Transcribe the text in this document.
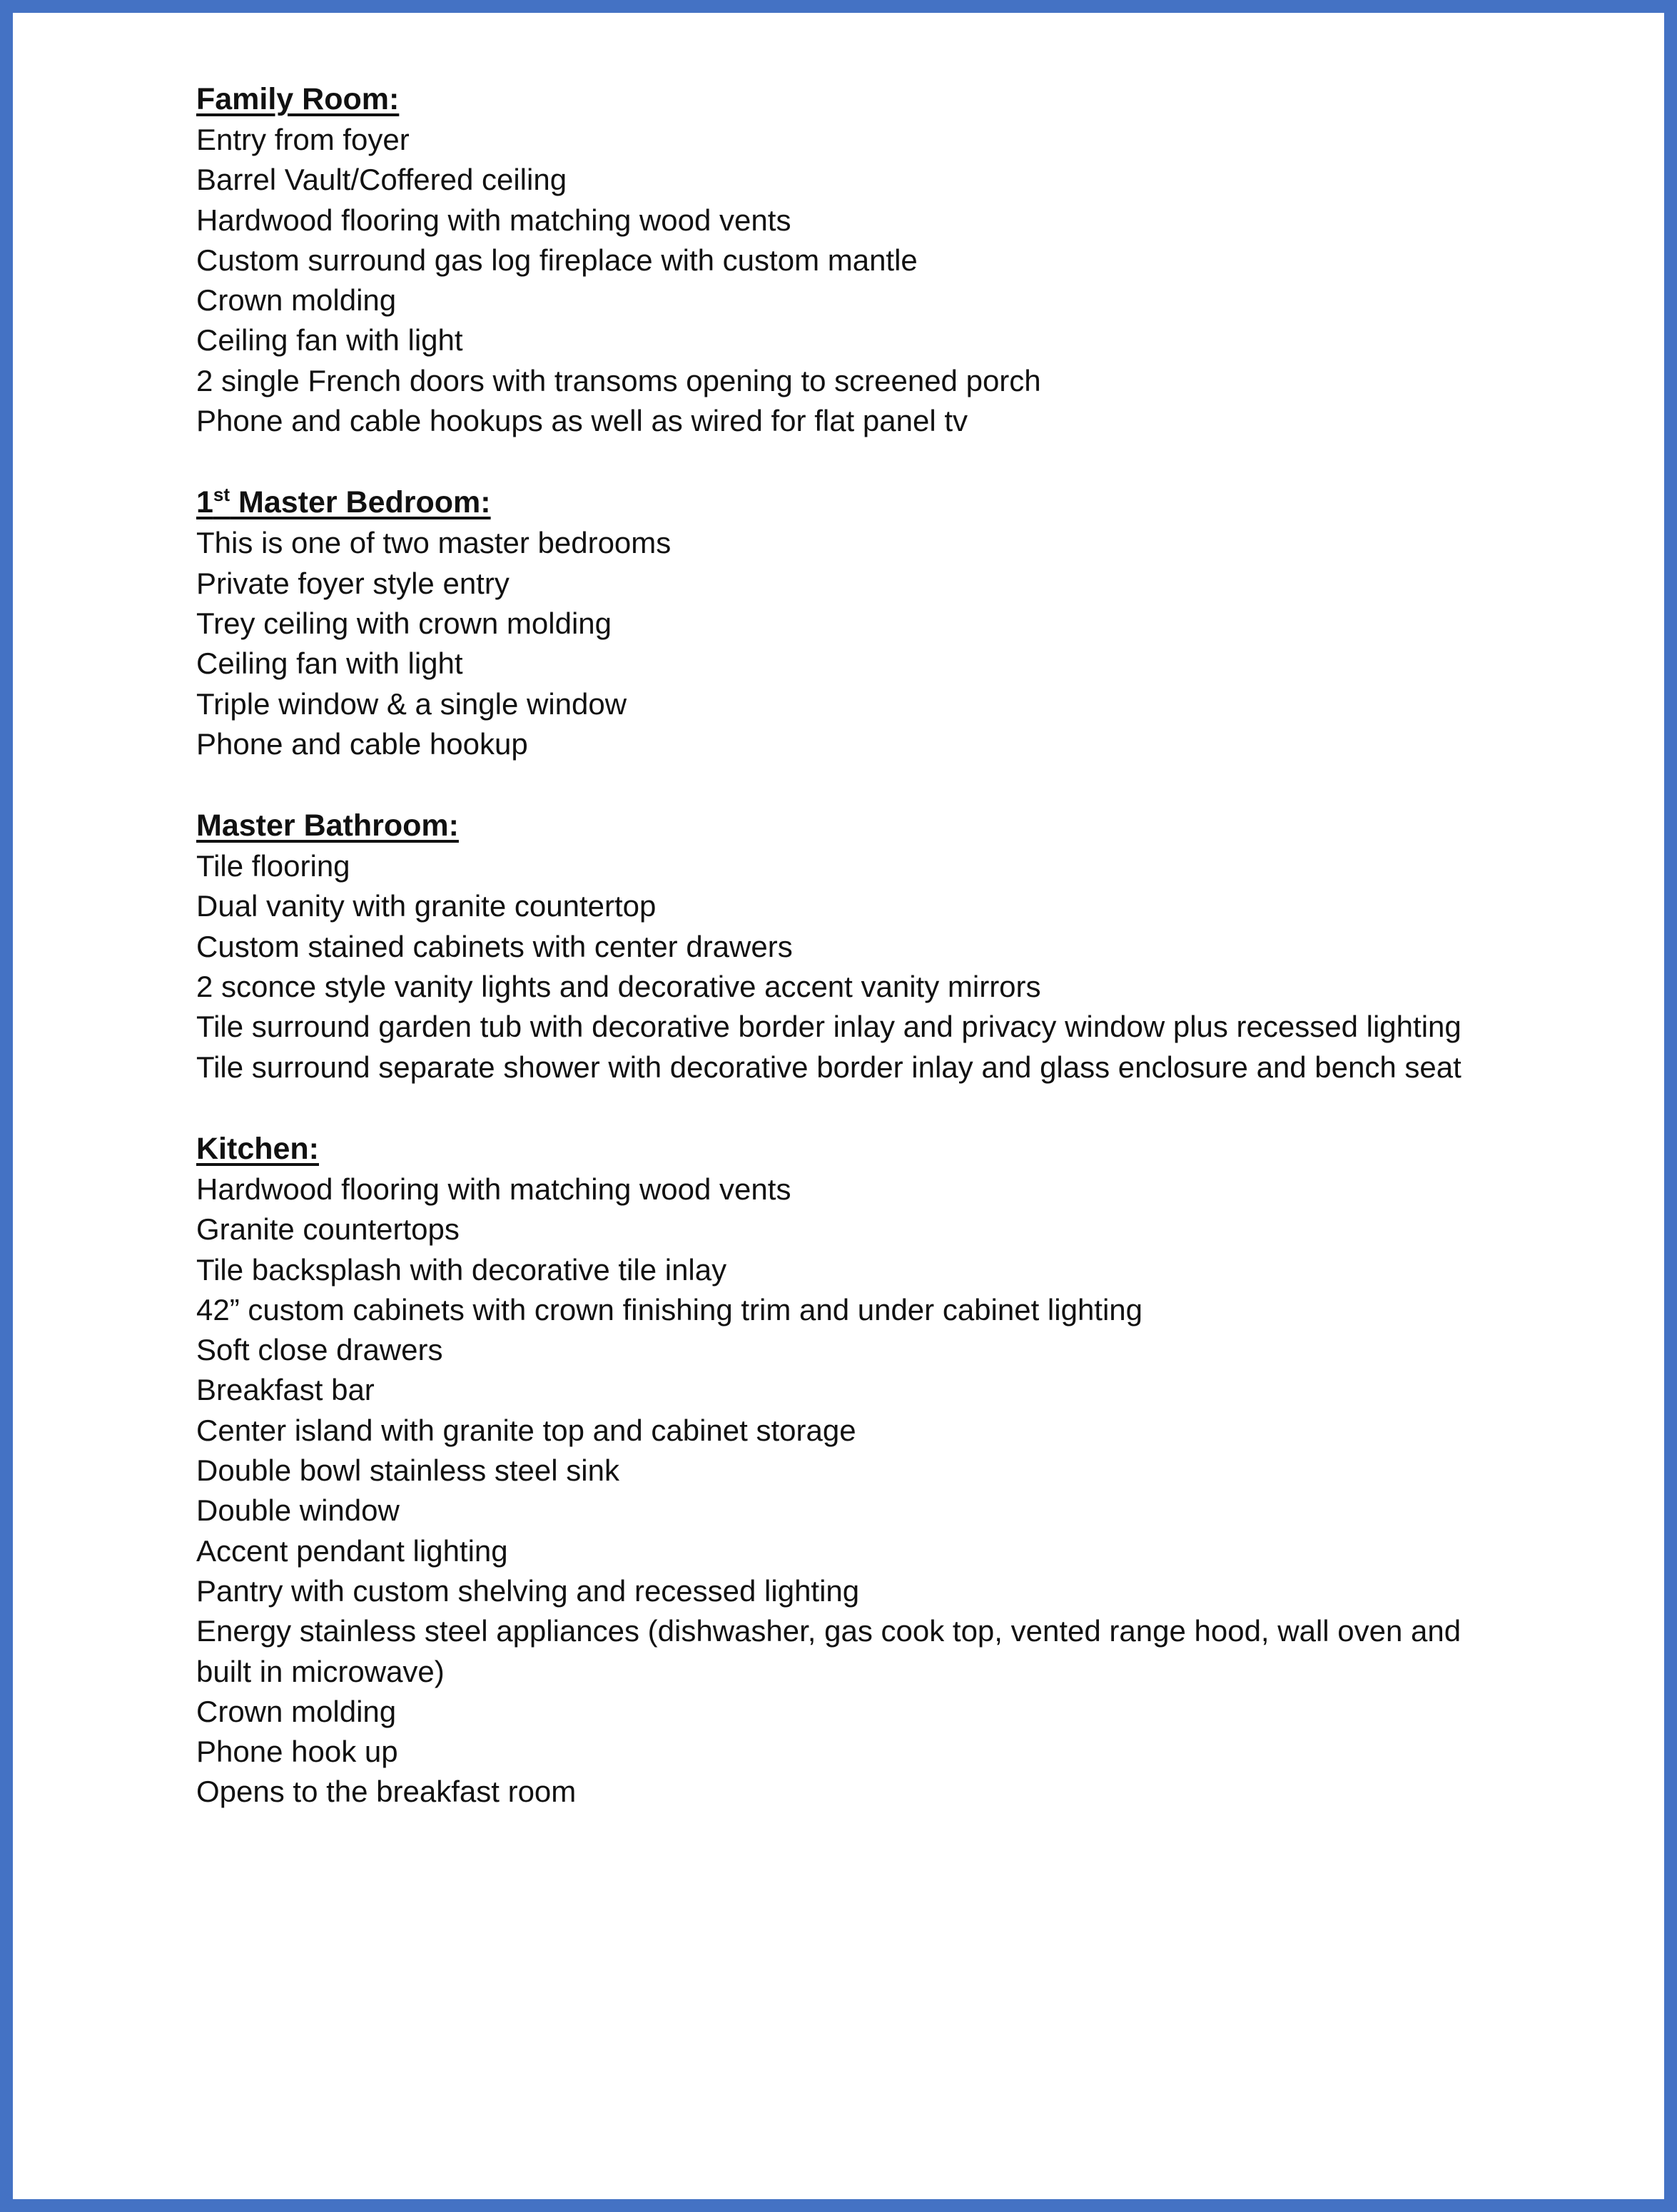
Family Room:

Entry from foyer
Barrel Vault/Coffered ceiling
Hardwood flooring with matching wood vents
Custom surround gas log fireplace with custom mantle
Crown molding
Ceiling fan with light
2 single French doors with transoms opening to screened porch
Phone and cable hookups as well as wired for flat panel tv

1st Master Bedroom:

This is one of two master bedrooms
Private foyer style entry
Trey ceiling with crown molding
Ceiling fan with light
Triple window & a single window
Phone and cable hookup

Master Bathroom:

Tile flooring
Dual vanity with granite countertop
Custom stained cabinets with center drawers
2 sconce style vanity lights and decorative accent vanity mirrors
Tile surround garden tub with decorative border inlay and privacy window plus recessed lighting
Tile surround separate shower with decorative border inlay and glass enclosure and bench seat

Kitchen:

Hardwood flooring with matching wood vents
Granite countertops
Tile backsplash with decorative tile inlay
42” custom cabinets with crown finishing trim and under cabinet lighting
Soft close drawers
Breakfast bar
Center island with granite top and cabinet storage
Double bowl stainless steel sink
Double window
Accent pendant lighting
Pantry with custom shelving and recessed lighting
Energy stainless steel appliances (dishwasher, gas cook top, vented range hood, wall oven and built in microwave)
Crown molding
Phone hook up
Opens to the breakfast room
